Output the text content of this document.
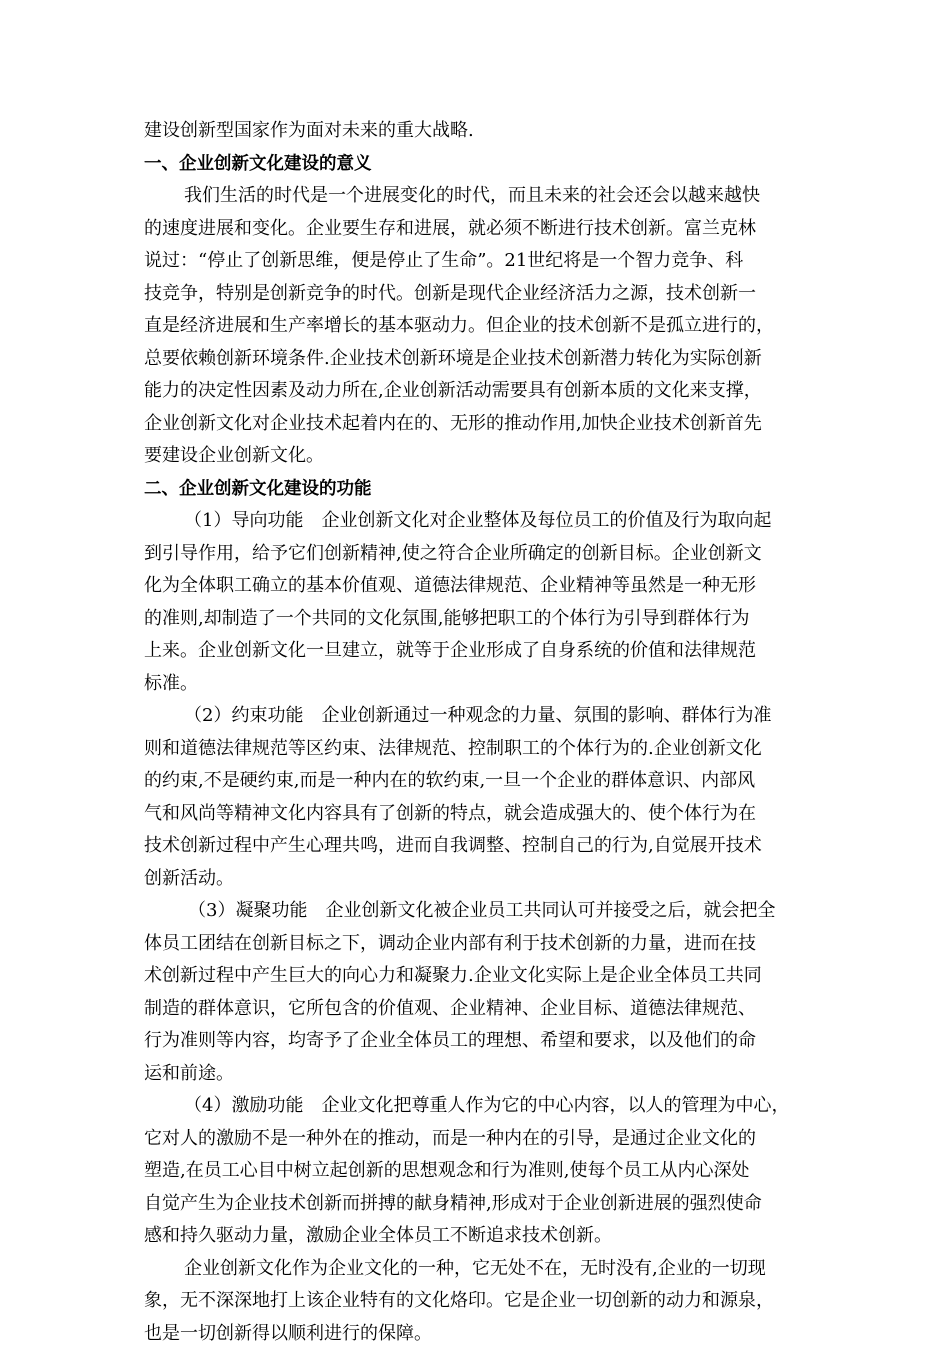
建设创新型国家作为面对未来的重大战略.

一、企业创新文化建设的意义

我们生活的时代是一个进展变化的时代，而且未来的社会还会以越来越快
的速度进展和变化。企业要生存和进展，就必须不断进行技术创新。富兰克林
说过：“停止了创新思维，便是停止了生命”。21世纪将是一个智力竞争、科
技竞争，特别是创新竞争的时代。创新是现代企业经济活力之源，技术创新一
直是经济进展和生产率增长的基本驱动力。但企业的技术创新不是孤立进行的，
总要依赖创新环境条件.企业技术创新环境是企业技术创新潜力转化为实际创新
能力的决定性因素及动力所在,企业创新活动需要具有创新本质的文化来支撑，
企业创新文化对企业技术起着内在的、无形的推动作用,加快企业技术创新首先
要建设企业创新文化。

二、企业创新文化建设的功能

（1）导向功能　企业创新文化对企业整体及每位员工的价值及行为取向起
到引导作用，给予它们创新精神,使之符合企业所确定的创新目标。企业创新文
化为全体职工确立的基本价值观、道德法律规范、企业精神等虽然是一种无形
的准则,却制造了一个共同的文化氛围,能够把职工的个体行为引导到群体行为
上来。企业创新文化一旦建立，就等于企业形成了自身系统的价值和法律规范
标准。

（2）约束功能　企业创新通过一种观念的力量、氛围的影响、群体行为准
则和道德法律规范等区约束、法律规范、控制职工的个体行为的.企业创新文化
的约束,不是硬约束,而是一种内在的软约束,一旦一个企业的群体意识、内部风
气和风尚等精神文化内容具有了创新的特点，就会造成强大的、使个体行为在
技术创新过程中产生心理共鸣，进而自我调整、控制自己的行为,自觉展开技术
创新活动。

（3）凝聚功能　企业创新文化被企业员工共同认可并接受之后，就会把全
体员工团结在创新目标之下，调动企业内部有利于技术创新的力量，进而在技
术创新过程中产生巨大的向心力和凝聚力.企业文化实际上是企业全体员工共同
制造的群体意识，它所包含的价值观、企业精神、企业目标、道德法律规范、
行为准则等内容，均寄予了企业全体员工的理想、希望和要求，以及他们的命
运和前途。

（4）激励功能　企业文化把尊重人作为它的中心内容，以人的管理为中心，
它对人的激励不是一种外在的推动，而是一种内在的引导，是通过企业文化的
塑造,在员工心目中树立起创新的思想观念和行为准则,使每个员工从内心深处
自觉产生为企业技术创新而拼搏的献身精神,形成对于企业创新进展的强烈使命
感和持久驱动力量，激励企业全体员工不断追求技术创新。

企业创新文化作为企业文化的一种，它无处不在，无时没有,企业的一切现
象，无不深深地打上该企业特有的文化烙印。它是企业一切创新的动力和源泉，
也是一切创新得以顺利进行的保障。
